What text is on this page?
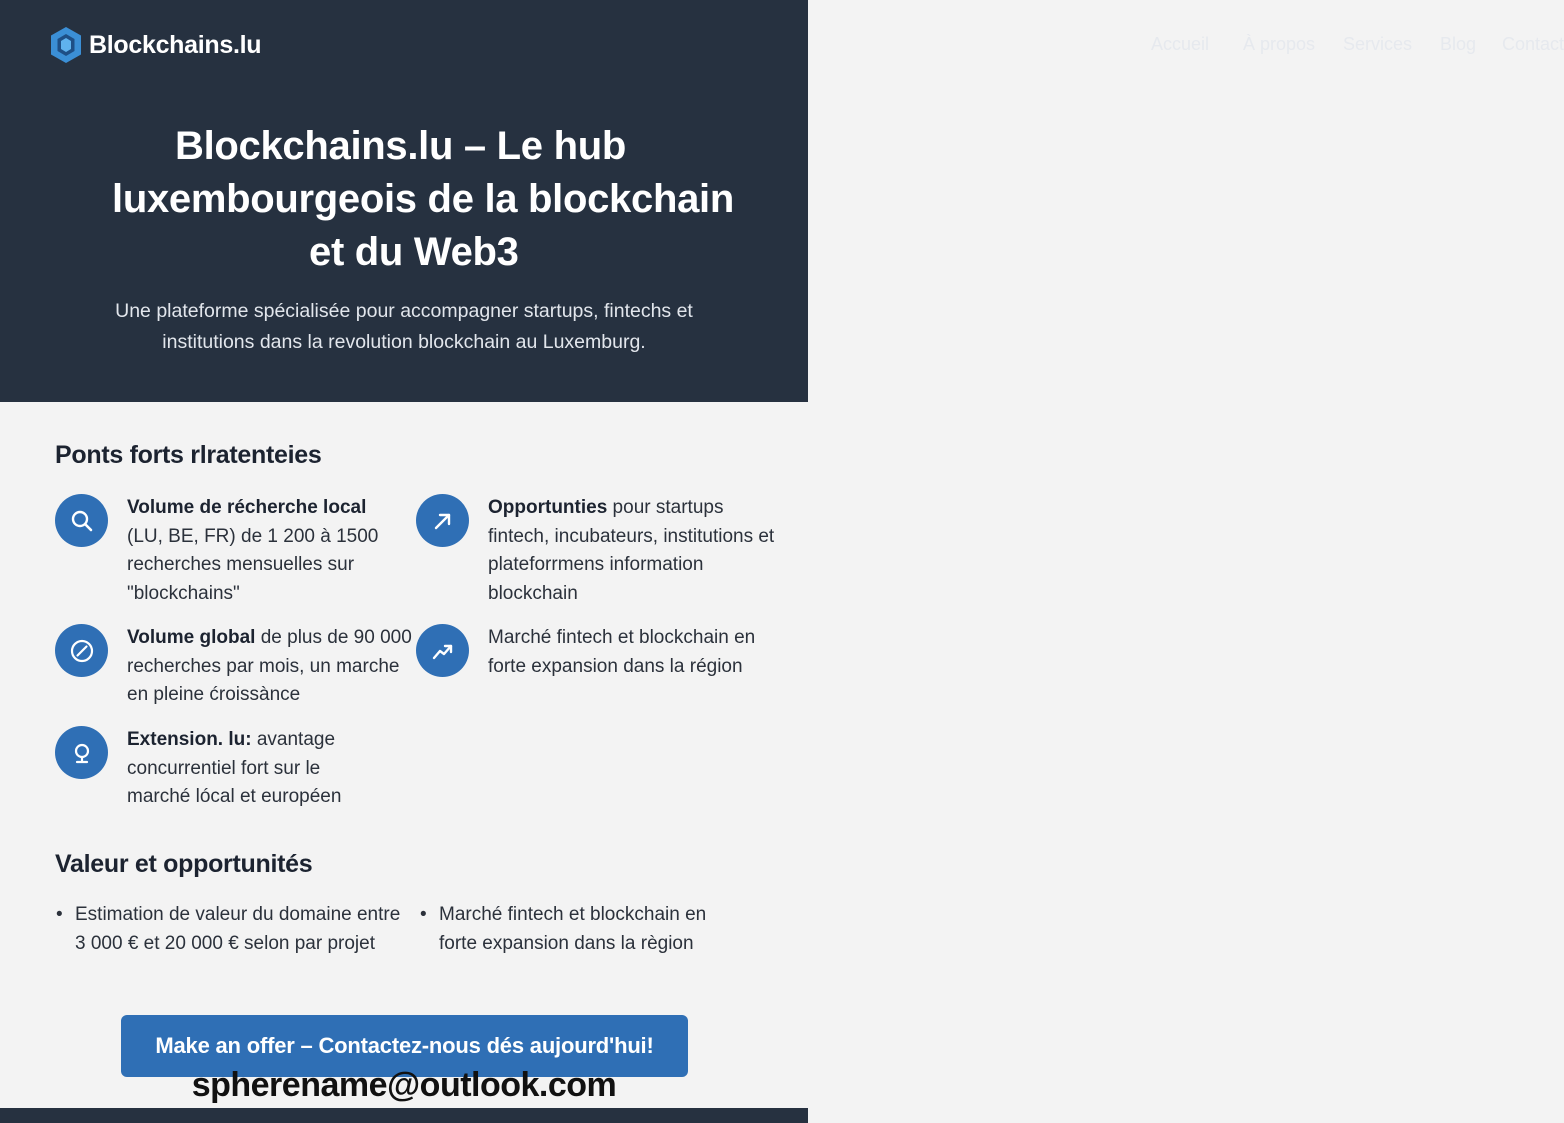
Blockchains.lu	Accueil À propos Services Blog Contact
Blockchains.lu – Le hub
luxembourgeois de la blockchain
et du Web3

Une plateforme spécialisée pour accompagner startups, fintechs et
institutions dans la revolution blockchain au Luxemburg.

Ponts forts rlratenteies
Volume de récherche local (LU, BE, FR) de 1 200 à 1500 recherches mensuelles sur "blockchains"
Opportunties pour startups fintech, incubateurs, institutions et plateforrmens information blockchain
Volume global de plus de 90 000 recherches par mois, un marche en pleine ćroissànce
Marché fintech et blockchain en forte expansion dans la région
Extension. lu: avantage concurrentiel fort sur le marché lócal et européen
Valeur et opportunités
• Estimation de valeur du domaine entre 3 000 € et 20 000 € selon par projet
• Marché fintech et blockchain en forte expansion dans la règion
Make an offer – Contactez-nous dés aujourd'hui!
spherename@outlook.com
